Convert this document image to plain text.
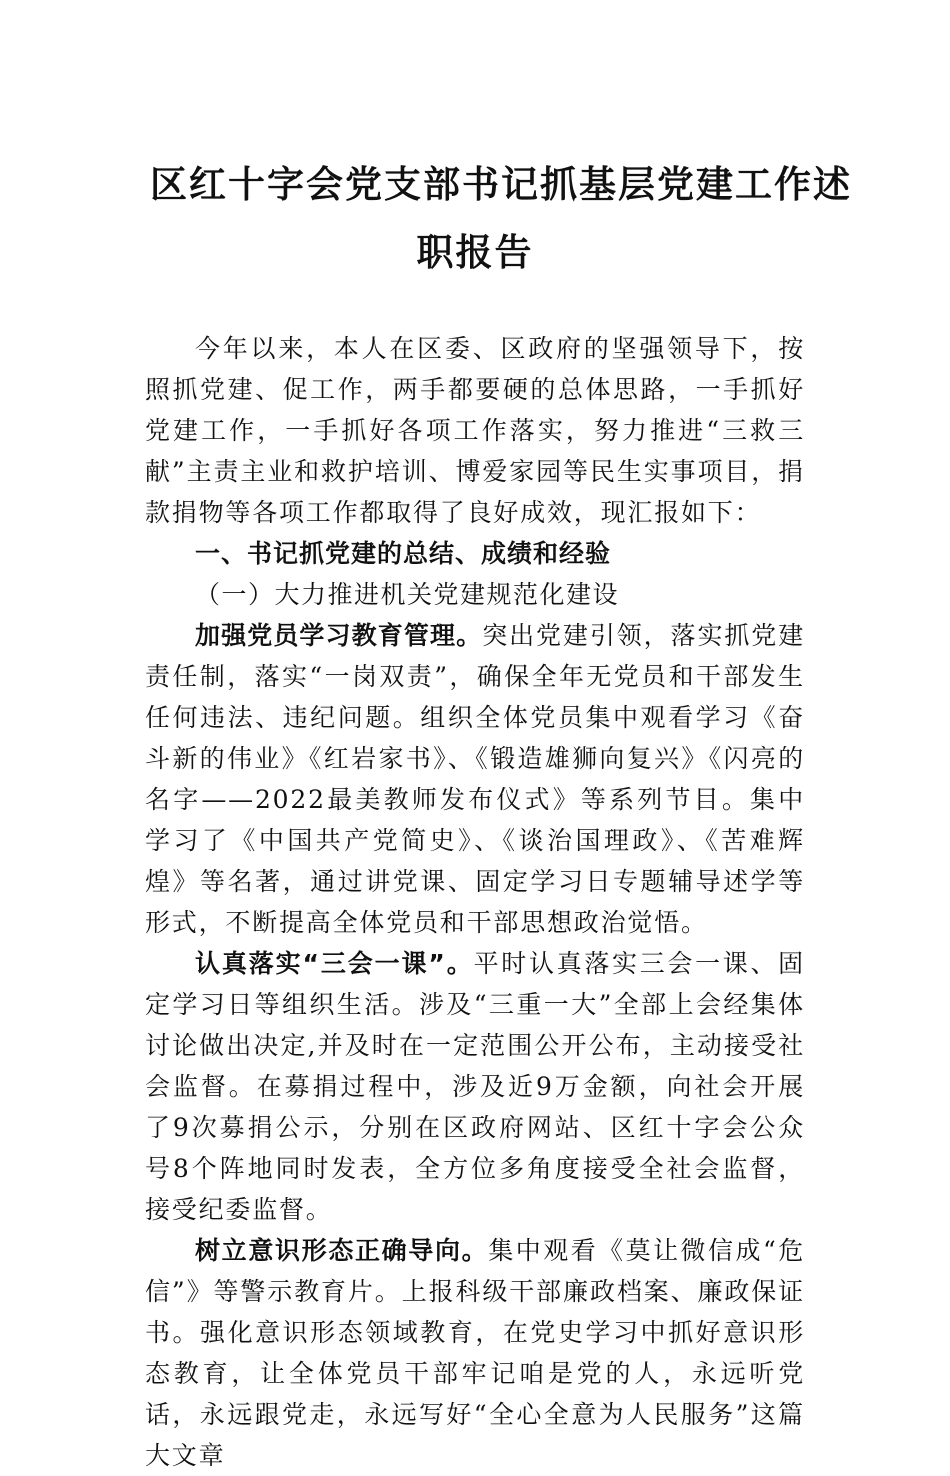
区红十字会党支部书记抓基层党建工作述
职报告

今年以来，本人在区委、区政府的坚强领导下，按照抓党建、促工作，两手都要硬的总体思路，一手抓好党建工作，一手抓好各项工作落实，努力推进“三救三献”主责主业和救护培训、博爱家园等民生实事项目，捐款捐物等各项工作都取得了良好成效，现汇报如下：

一、书记抓党建的总结、成绩和经验

（一）大力推进机关党建规范化建设

加强党员学习教育管理。突出党建引领，落实抓党建责任制，落实“一岗双责”，确保全年无党员和干部发生任何违法、违纪问题。组织全体党员集中观看学习《奋斗新的伟业》《红岩家书》、《锻造雄狮向复兴》《闪亮的名字——2022最美教师发布仪式》等系列节目。集中学习了《中国共产党简史》、《谈治国理政》、《苦难辉煌》等名著，通过讲党课、固定学习日专题辅导述学等形式，不断提高全体党员和干部思想政治觉悟。

认真落实“三会一课”。平时认真落实三会一课、固定学习日等组织生活。涉及“三重一大”全部上会经集体讨论做出决定,并及时在一定范围公开公布，主动接受社会监督。在募捐过程中，涉及近9万金额，向社会开展了9次募捐公示，分别在区政府网站、区红十字会公众号8个阵地同时发表，全方位多角度接受全社会监督，接受纪委监督。

树立意识形态正确导向。集中观看《莫让微信成“危信”》等警示教育片。上报科级干部廉政档案、廉政保证书。强化意识形态领域教育，在党史学习中抓好意识形态教育，让全体党员干部牢记咱是党的人，永远听党话，永远跟党走，永远写好“全心全意为人民服务”这篇大文章
